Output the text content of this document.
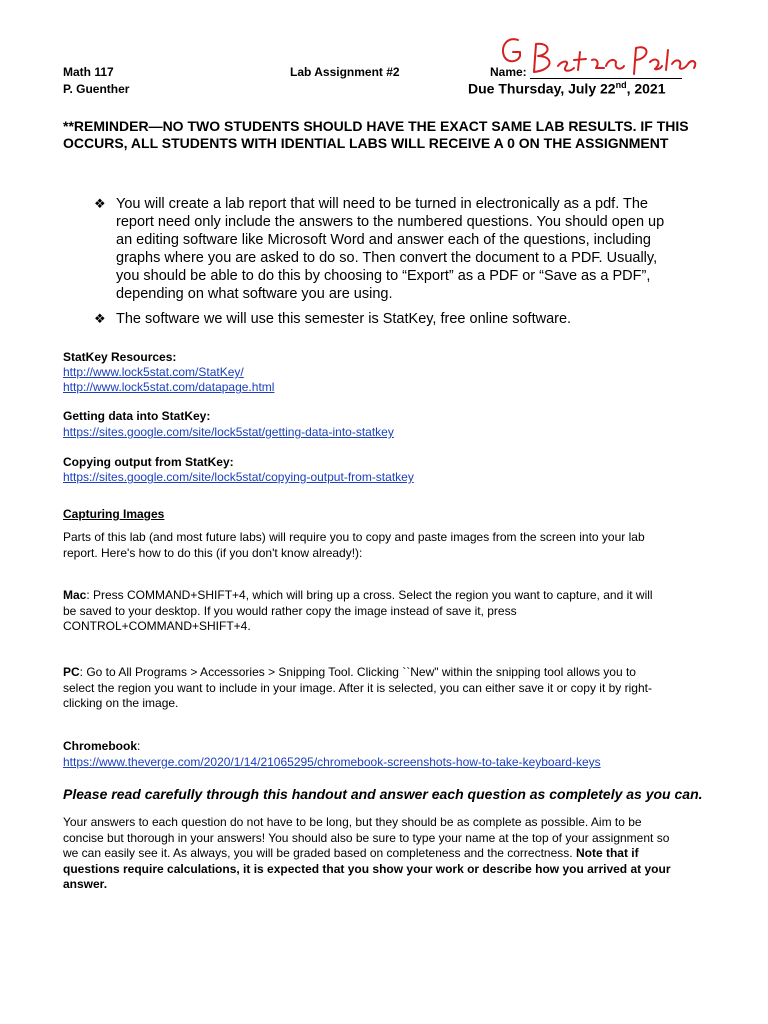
Math 117	Lab Assignment #2	Name:
P. Guenther	Due Thursday, July 22nd, 2021
**REMINDER—NO TWO STUDENTS SHOULD HAVE THE EXACT SAME LAB RESULTS. IF THIS OCCURS, ALL STUDENTS WITH IDENTIAL LABS WILL RECEIVE A 0 ON THE ASSIGNMENT
❖ You will create a lab report that will need to be turned in electronically as a pdf. The
report need only include the answers to the numbered questions. You should open up
an editing software like Microsoft Word and answer each of the questions, including
graphs where you are asked to do so. Then convert the document to a PDF. Usually,
you should be able to do this by choosing to “Export” as a PDF or “Save as a PDF”,
depending on what software you are using.
❖ The software we will use this semester is StatKey, free online software.
StatKey Resources:
http://www.lock5stat.com/StatKey/
http://www.lock5stat.com/datapage.html
Getting data into StatKey:
https://sites.google.com/site/lock5stat/getting-data-into-statkey
Copying output from StatKey:
https://sites.google.com/site/lock5stat/copying-output-from-statkey
Capturing Images
Parts of this lab (and most future labs) will require you to copy and paste images from the screen into your lab
report. Here's how to do this (if you don't know already!):
Mac: Press COMMAND+SHIFT+4, which will bring up a cross. Select the region you want to capture, and it will
be saved to your desktop. If you would rather copy the image instead of save it, press
CONTROL+COMMAND+SHIFT+4.
PC: Go to All Programs > Accessories > Snipping Tool. Clicking ``New" within the snipping tool allows you to
select the region you want to include in your image. After it is selected, you can either save it or copy it by right-
clicking on the image.
Chromebook:
https://www.theverge.com/2020/1/14/21065295/chromebook-screenshots-how-to-take-keyboard-keys
Please read carefully through this handout and answer each question as completely as you can.
Your answers to each question do not have to be long, but they should be as complete as possible. Aim to be
concise but thorough in your answers! You should also be sure to type your name at the top of your assignment so
we can easily see it. As always, you will be graded based on completeness and the correctness. Note that if
questions require calculations, it is expected that you show your work or describe how you arrived at your
answer.
